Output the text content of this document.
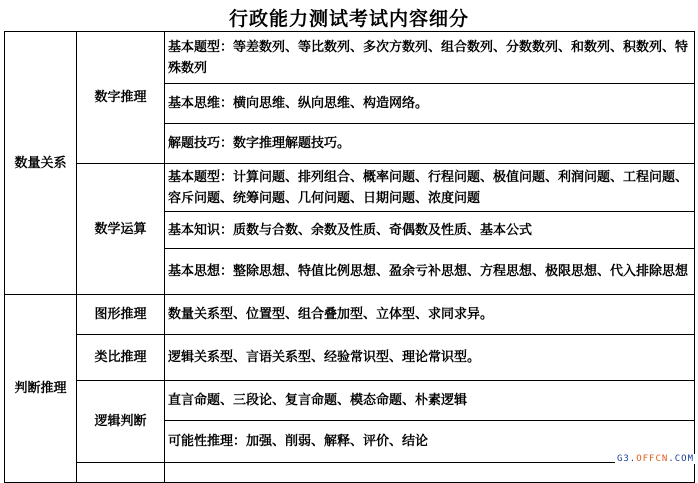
行政能力测试考试内容细分
数量关系	数字推理	基本题型：等差数列、等比数列、多次方数列、组合数列、分数数列、和数列、积数列、特殊数列
		基本思维：横向思维、纵向思维、构造网络。
		解题技巧：数字推理解题技巧。
	数学运算	基本题型：计算问题、排列组合、概率问题、行程问题、极值问题、利润问题、工程问题、容斥问题、统筹问题、几何问题、日期问题、浓度问题
		基本知识：质数与合数、余数及性质、奇偶数及性质、基本公式
		基本思想：整除思想、特值比例思想、盈余亏补思想、方程思想、极限思想、代入排除思想
判断推理	图形推理	数量关系型、位置型、组合叠加型、立体型、求同求异。
	类比推理	逻辑关系型、言语关系型、经验常识型、理论常识型。
	逻辑判断	直言命题、三段论、复言命题、模态命题、朴素逻辑
		可能性推理：加强、削弱、解释、评价、结论

G3.OFFCN.COM
